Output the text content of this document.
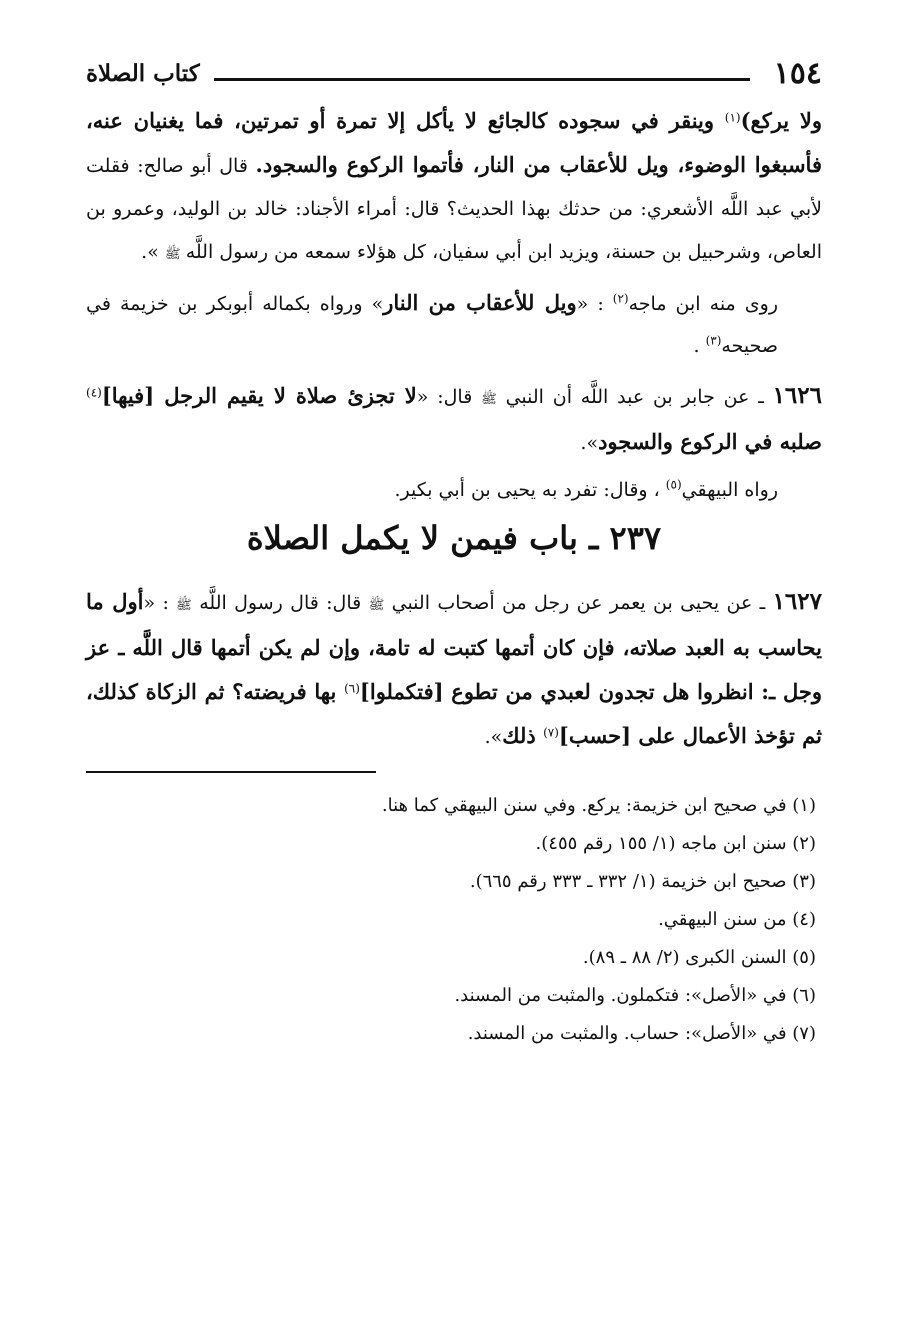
١٥٤
كتاب الصلاة

ولا يركع)$^{(١)}$ وينقر في سجوده كالجائع لا يأكل إلا تمرة أو تمرتين، فما يغنيان عنه، فأسبغوا الوضوء، ويل للأعقاب من النار، فأتموا الركوع والسجود. قال أبو صالح: فقلت لأبي عبد اللَّه الأشعري: من حدثك بهذا الحديث؟ قال: أمراء الأجناد: خالد بن الوليد، وعمرو بن العاص، وشرحبيل بن حسنة، ويزيد ابن أبي سفيان، كل هؤلاء سمعه من رسول اللَّه ﷺ ».

روى منه ابن ماجه$^{(٢)}$ : «ويل للأعقاب من النار» ورواه بكماله أبوبكر بن خزيمة في صحيحه$^{(٣)}$ .

١٦٢٦ ـ عن جابر بن عبد اللَّه أن النبي ﷺ قال: «لا تجزئ صلاة لا يقيم الرجل [فيها]$^{(٤)}$ صلبه في الركوع والسجود».

رواه البيهقي$^{(٥)}$ ، وقال: تفرد به يحيى بن أبي بكير.

٢٣٧ ـ باب فيمن لا يكمل الصلاة

١٦٢٧ ـ عن يحيى بن يعمر عن رجل من أصحاب النبي ﷺ قال: قال رسول اللَّه ﷺ : «أول ما يحاسب به العبد صلاته، فإن كان أتمها كتبت له تامة، وإن لم يكن أتمها قال اللَّه ـ عز وجل ـ: انظروا هل تجدون لعبدي من تطوع [فتكملوا]$^{(٦)}$ بها فريضته؟ ثم الزكاة كذلك، ثم تؤخذ الأعمال على [حسب]$^{(٧)}$ ذلك».

(١) في صحيح ابن خزيمة: يركع. وفي سنن البيهقي كما هنا.
(٢) سنن ابن ماجه (١/ ١٥٥ رقم ٤٥٥).
(٣) صحيح ابن خزيمة (١/ ٣٣٢ ـ ٣٣٣ رقم ٦٦٥).
(٤) من سنن البيهقي.
(٥) السنن الكبرى (٢/ ٨٨ ـ ٨٩).
(٦) في «الأصل»: فتكملون. والمثبت من المسند.
(٧) في «الأصل»: حساب. والمثبت من المسند.
